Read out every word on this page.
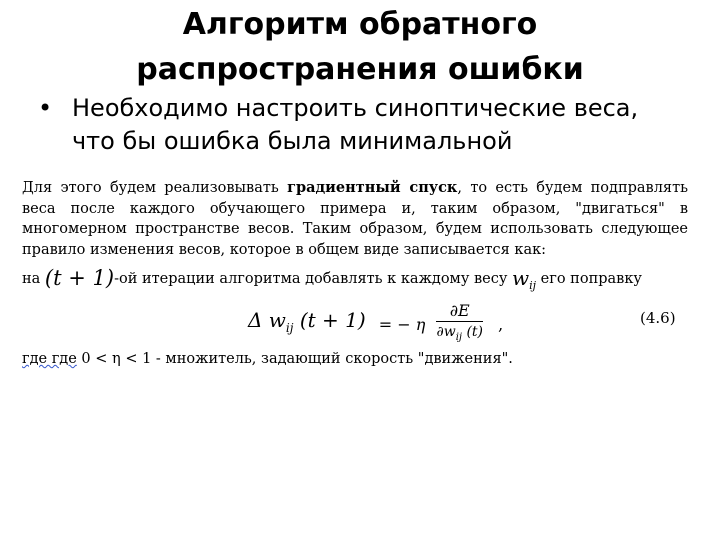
Алгоритм обратного
распространения ошибки
• Необходимо настроить синоптические веса,
что бы ошибка была минимальной

Для этого будем реализовывать градиентный спуск, то есть будем подправлять веса после каждого обучающего примера и, таким образом, "двигаться" в многомерном пространстве весов. Таким образом, будем использовать следующее правило изменения весов, которое в общем виде записывается как:

на (t + 1)-ой итерации алгоритма добавлять к каждому весу $w_{ij}$ его поправку
Δ $w_{ij}$ (t + 1) = − η $\frac{\partial E}{\partial w_{ij} (t)}$ ,	(4.6)
где где 0 < η < 1 - множитель, задающий скорость "движения".
